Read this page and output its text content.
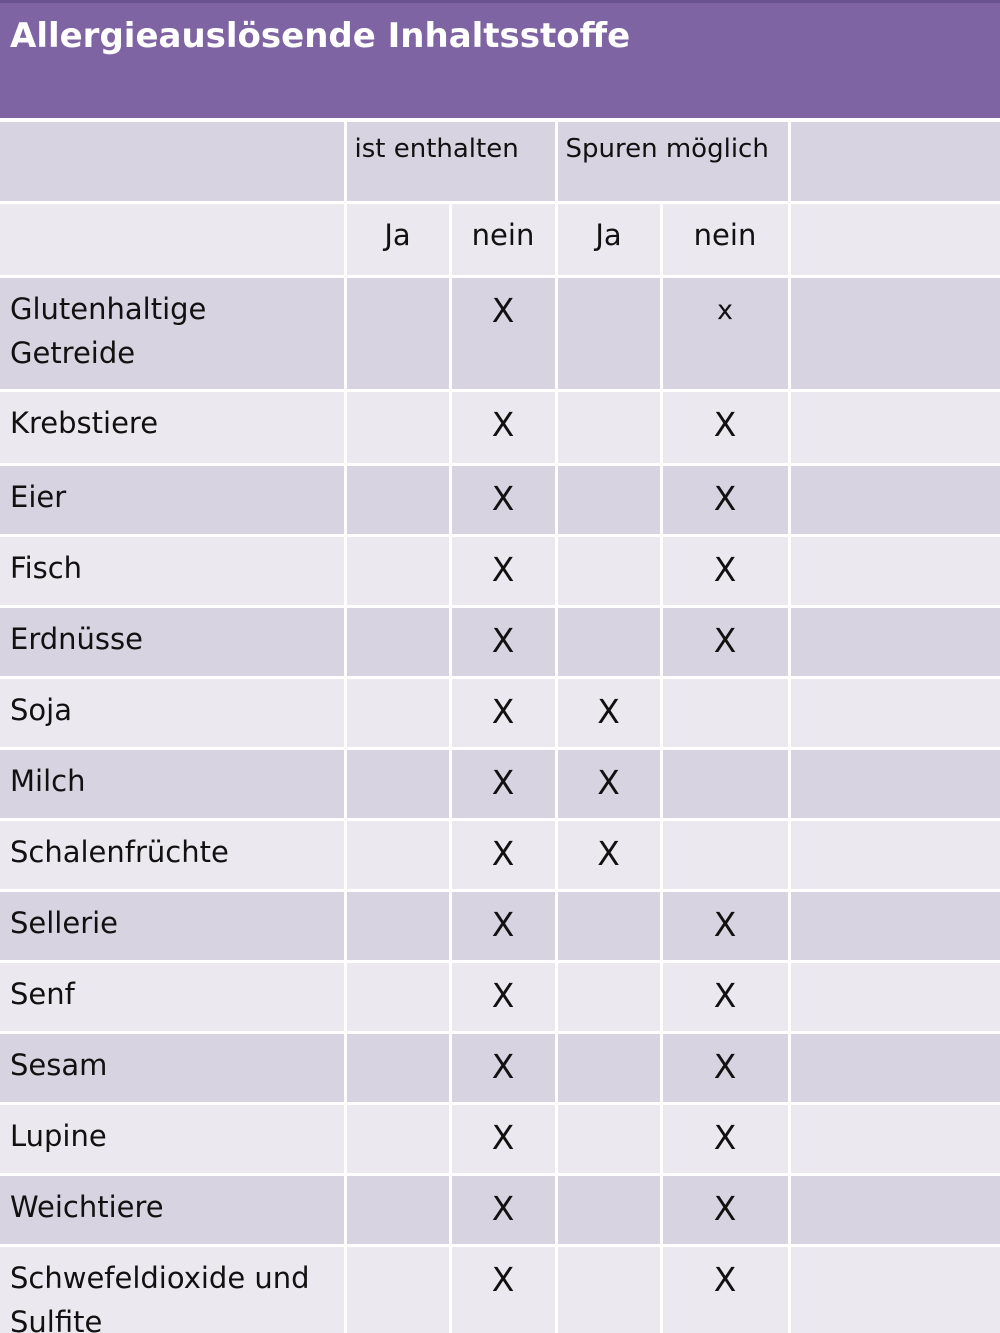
Allergieauslösende Inhaltsstoffe

	ist enthalten		Spuren möglich		

	Ja	nein	Ja	nein	

Glutenhaltige Getreide		X		x	

Krebstiere		X		X	

Eier		X		X	

Fisch		X		X	

Erdnüsse		X		X	

Soja		X	X		

Milch		X	X		

Schalenfrüchte		X	X		

Sellerie		X		X	

Senf		X		X	

Sesam		X		X	

Lupine		X		X	

Weichtiere		X		X	

Schwefeldioxide und Sulfite		X		X	
